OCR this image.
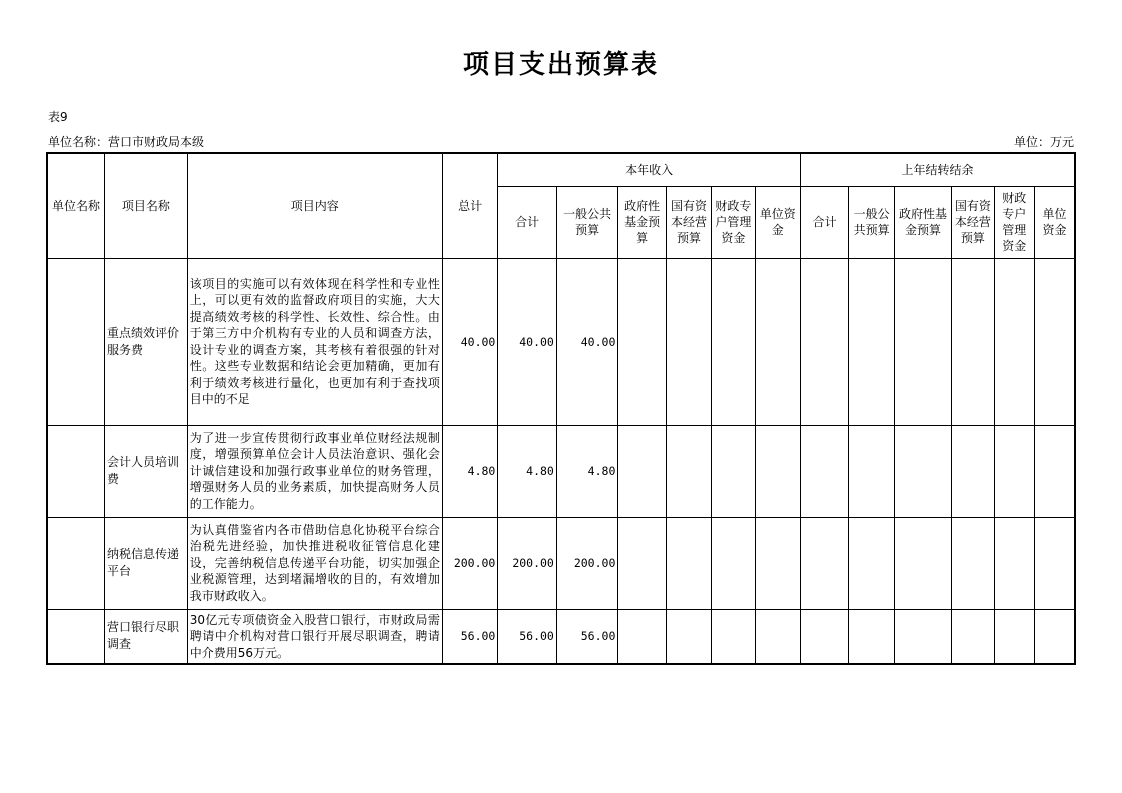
项目支出预算表
表9
单位名称：营口市财政局本级	单位：万元
单位名称	项目名称	项目内容	总计	本年收入						上年结转结余					
				合计	一般公共预算	政府性基金预算	国有资本经营预算	财政专户管理资金	单位资金	合计	一般公共预算	政府性基金预算	国有资本经营预算	财政专户管理资金	单位资金
	重点绩效评价服务费	该项目的实施可以有效体现在科学性和专业性上，可以更有效的监督政府项目的实施，大大提高绩效考核的科学性、长效性、综合性。由于第三方中介机构有专业的人员和调查方法，设计专业的调查方案，其考核有着很强的针对性。这些专业数据和结论会更加精确，更加有利于绩效考核进行量化，也更加有利于查找项目中的不足	40.00	40.00	40.00										
	会计人员培训费	为了进一步宣传贯彻行政事业单位财经法规制度，增强预算单位会计人员法治意识、强化会计诚信建设和加强行政事业单位的财务管理，增强财务人员的业务素质，加快提高财务人员的工作能力。	4.80	4.80	4.80										
	纳税信息传递平台	为认真借鉴省内各市借助信息化协税平台综合治税先进经验，加快推进税收征管信息化建设，完善纳税信息传递平台功能，切实加强企业税源管理，达到堵漏增收的目的，有效增加我市财政收入。	200.00	200.00	200.00										
	营口银行尽职调查	30亿元专项债资金入股营口银行，市财政局需聘请中介机构对营口银行开展尽职调查，聘请中介费用56万元。	56.00	56.00	56.00										
